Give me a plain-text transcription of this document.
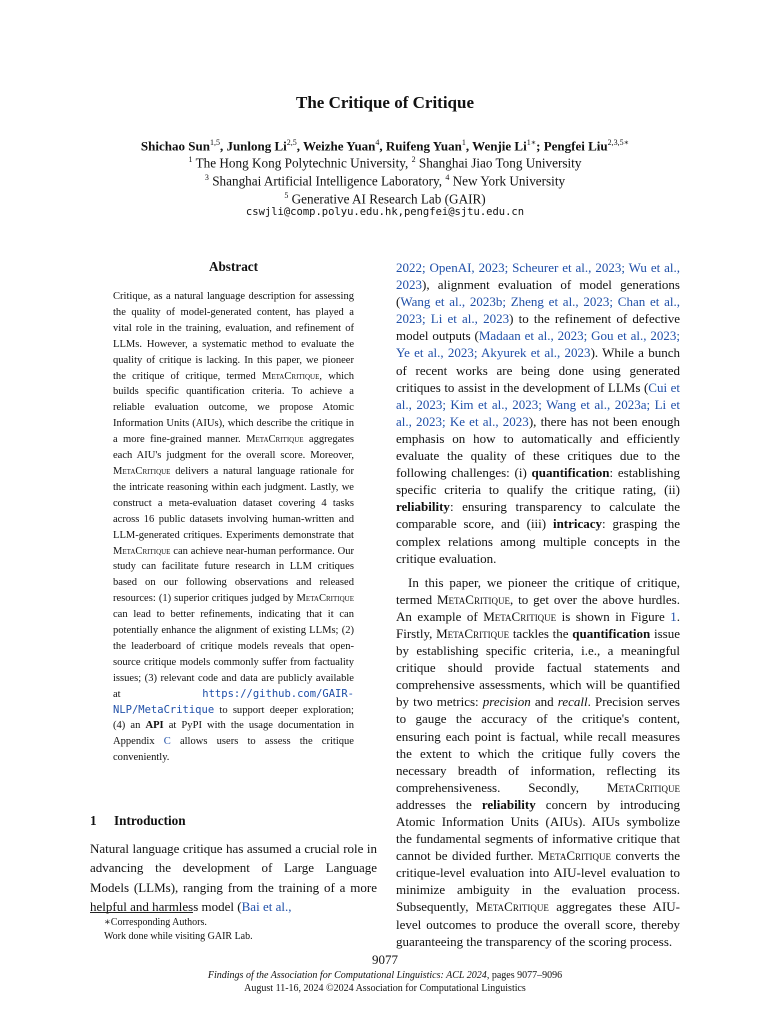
The Critique of Critique
Shichao Sun$^{1,5}$, Junlong Li$^{2,5}$, Weizhe Yuan$^4$, Ruifeng Yuan$^1$, Wenjie $Li^{1∗}$; Pengfei Liu$^{2,3,5∗}$
$^1$ The Hong Kong Polytechnic University, $^2$ Shanghai Jiao Tong University
$^3$ Shanghai Artificial Intelligence Laboratory, $^4$ New York University
$^5$ Generative AI Research Lab (GAIR)
cswjli@comp.polyu.edu.hk,pengfei@sjtu.edu.cn
Abstract

Critique, as a natural language description for assessing the quality of model-generated content, has played a vital role in the training, evaluation, and refinement of LLMs. However, a systematic method to evaluate the quality of critique is lacking. In this paper, we pioneer the critique of critique, termed MetaCritique, which builds specific quantification criteria. To achieve a reliable evaluation outcome, we propose Atomic Information Units (AIUs), which describe the critique in a more fine-grained manner. MetaCritique aggregates each AIU's judgment for the overall score. Moreover, MetaCritique delivers a natural language rationale for the intricate reasoning within each judgment. Lastly, we construct a meta-evaluation dataset covering 4 tasks across 16 public datasets involving human-written and LLM-generated critiques. Experiments demonstrate that MetaCritique can achieve near-human performance. Our study can facilitate future research in LLM critiques based on our following observations and released resources: (1) superior critiques judged by MetaCritique can lead to better refinements, indicating that it can potentially enhance the alignment of existing LLMs; (2) the leaderboard of critique models reveals that open-source critique models commonly suffer from factuality issues; (3) relevant code and data are publicly available at https://github.com/GAIR-NLP/MetaCritique to support deeper exploration; (4) an API at PyPI with the usage documentation in Appendix C allows users to assess the critique conveniently.

1 Introduction

Natural language critique has assumed a crucial role in advancing the development of Large Language Models (LLMs), ranging from the training of a more helpful and harmless model (Bai et al.,

∗Corresponding Authors.
Work done while visiting GAIR Lab.

2022; OpenAI, 2023; Scheurer et al., 2023; Wu et al., 2023), alignment evaluation of model generations (Wang et al., 2023b; Zheng et al., 2023; Chan et al., 2023; Li et al., 2023) to the refinement of defective model outputs (Madaan et al., 2023; Gou et al., 2023; Ye et al., 2023; Akyurek et al., 2023). While a bunch of recent works are being done using generated critiques to assist in the development of LLMs (Cui et al., 2023; Kim et al., 2023; Wang et al., 2023a; Li et al., 2023; Ke et al., 2023), there has not been enough emphasis on how to automatically and efficiently evaluate the quality of these critiques due to the following challenges: (i) quantification: establishing specific criteria to qualify the critique rating, (ii) reliability: ensuring transparency to calculate the comparable score, and (iii) intricacy: grasping the complex relations among multiple concepts in the critique evaluation.

In this paper, we pioneer the critique of critique, termed MetaCritique, to get over the above hurdles. An example of MetaCritique is shown in Figure 1. Firstly, MetaCritique tackles the quantification issue by establishing specific criteria, i.e., a meaningful critique should provide factual statements and comprehensive assessments, which will be quantified by two metrics: precision and recall. Precision serves to gauge the accuracy of the critique's content, ensuring each point is factual, while recall measures the extent to which the critique fully covers the necessary breadth of information, reflecting its comprehensiveness. Secondly, MetaCritique addresses the reliability concern by introducing Atomic Information Units (AIUs). AIUs symbolize the fundamental segments of informative critique that cannot be divided further. MetaCritique converts the critique-level evaluation into AIU-level evaluation to minimize ambiguity in the evaluation process. Subsequently, MetaCritique aggregates these AIU-level outcomes to produce the overall score, thereby guaranteeing the transparency of the scoring process.

9077
Findings of the Association for Computational Linguistics: ACL 2024, pages 9077–9096
August 11-16, 2024 ©2024 Association for Computational Linguistics
